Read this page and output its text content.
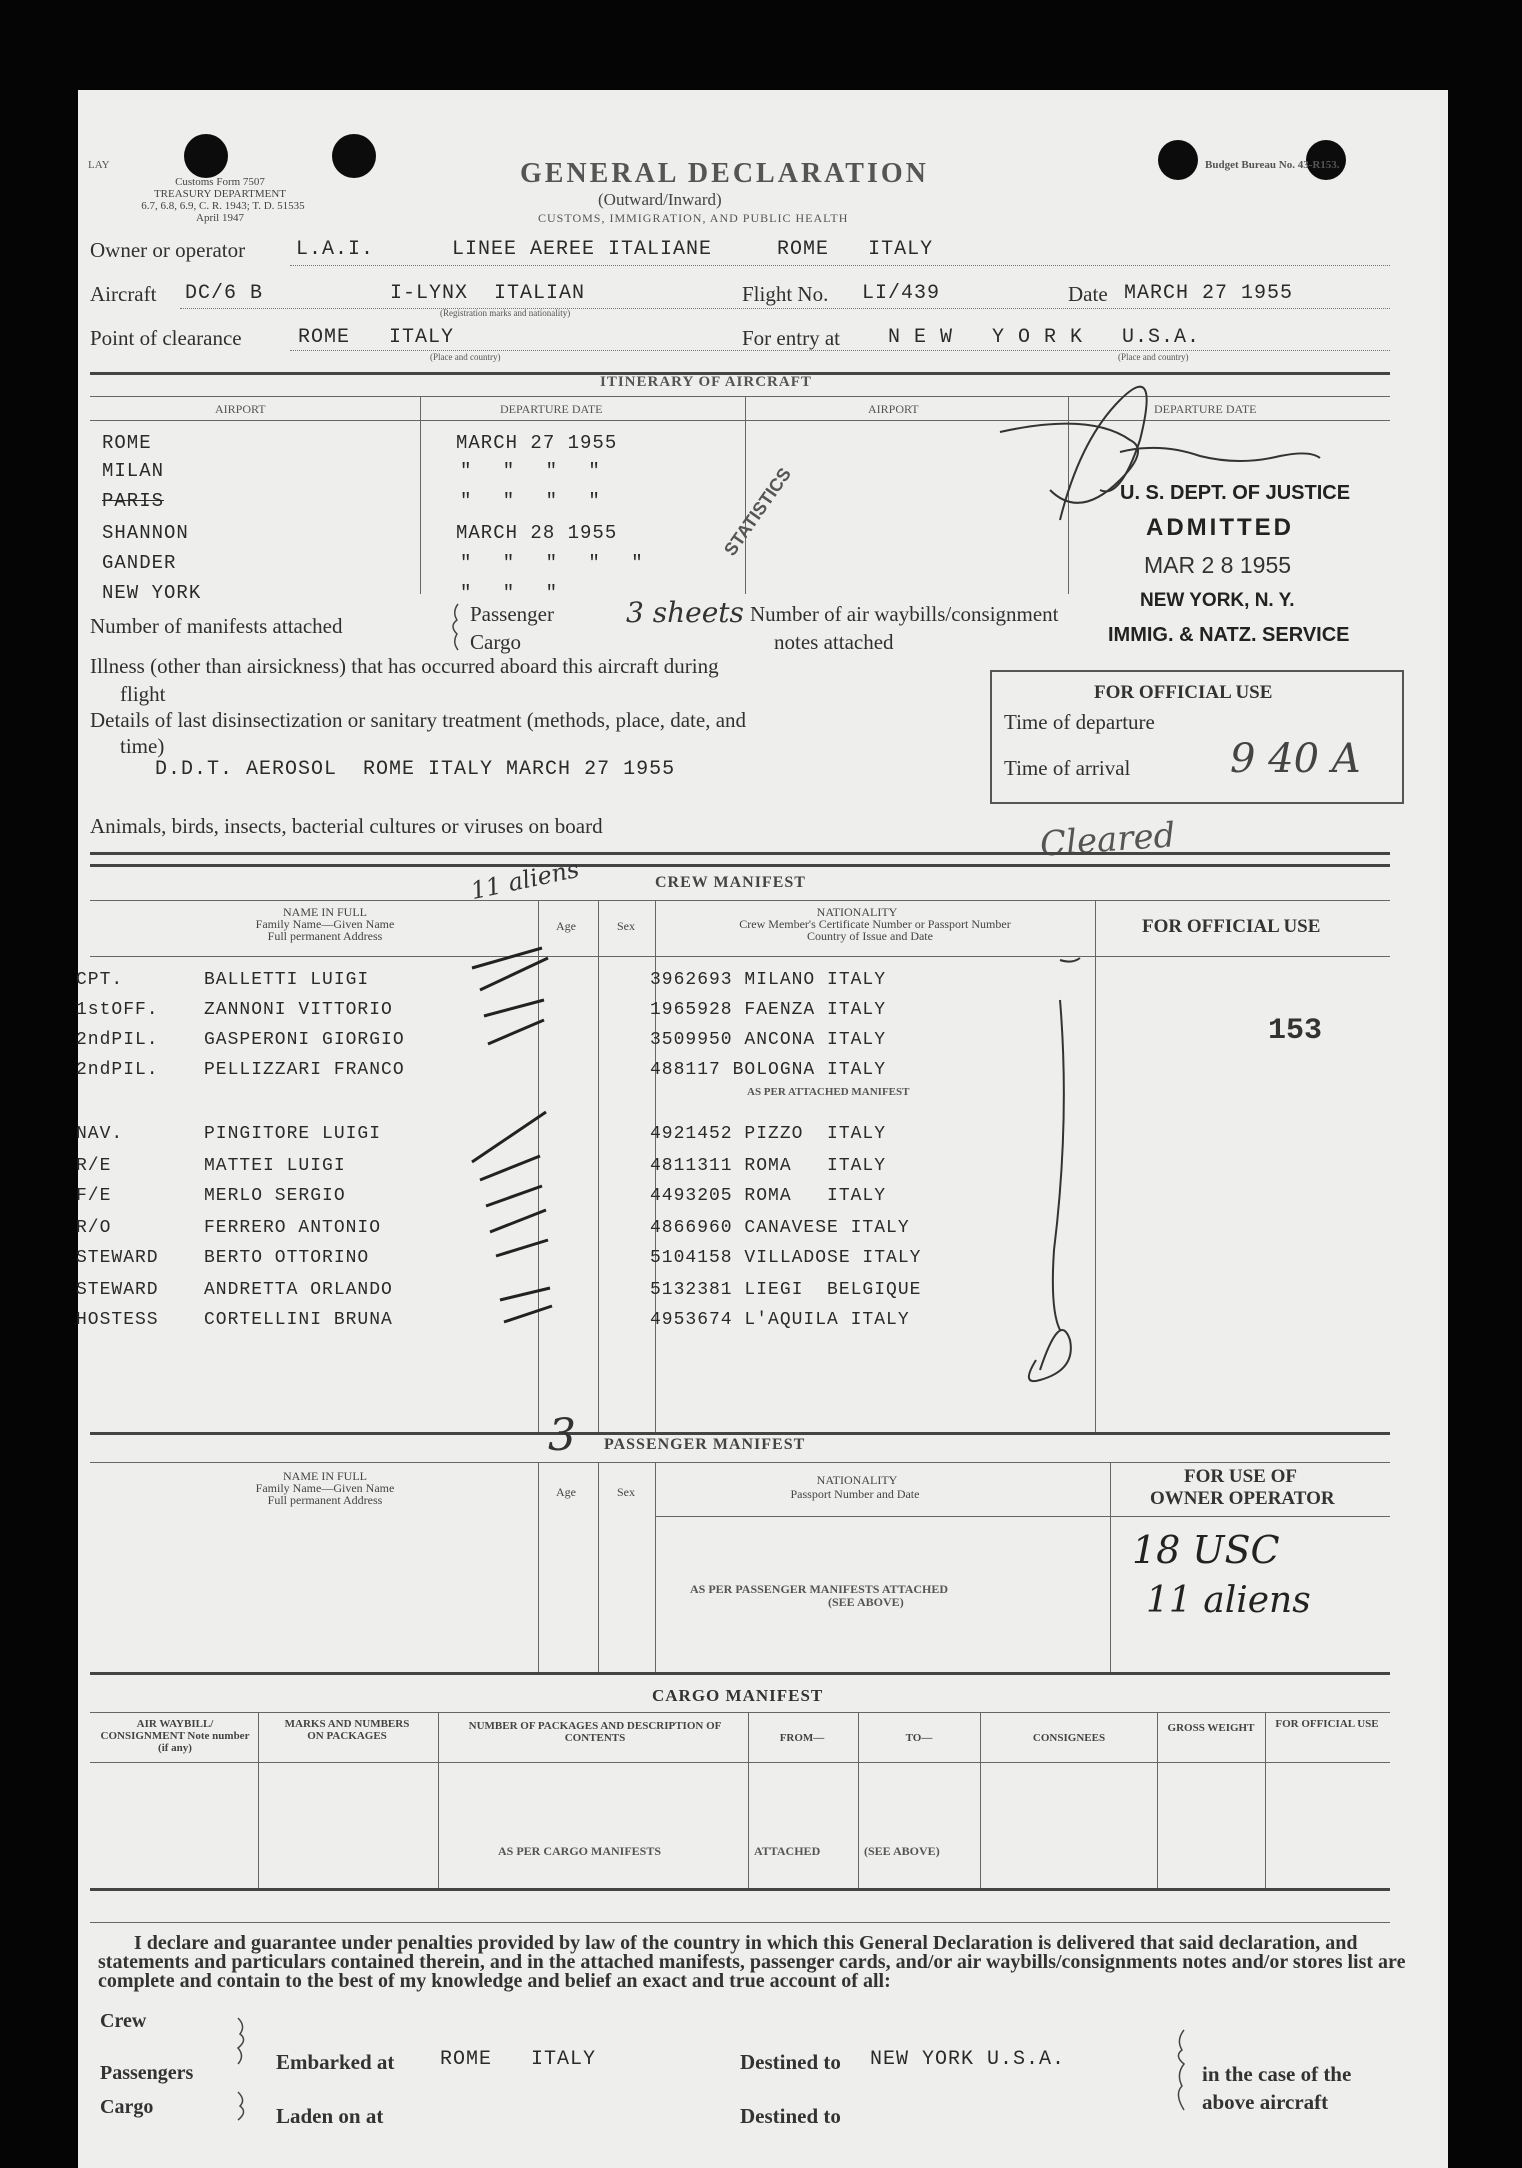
LAY
Customs Form 7507
TREASURY DEPARTMENT
6.7, 6.8, 6.9, C. R. 1943; T. D. 51535
April 1947
Budget Bureau No. 43-R153.
GENERAL DECLARATION
(Outward/Inward)
CUSTOMS, IMMIGRATION, AND PUBLIC HEALTH
Owner or operator	L.A.I.	LINEE AEREE ITALIANE     ROME   ITALY
Aircraft DC/6 B	I-LYNX  ITALIAN
(Registration marks and nationality)
Flight No. LI/439	Date MARCH 27 1955
Point of clearance	ROME   ITALY
(Place and country)
For entry at N E W   Y O R K   U.S.A.
(Place and country)
ITINERARY OF AIRCRAFT
AIRPORT	DEPARTURE DATE	AIRPORT	DEPARTURE DATE
ROME	MARCH 27 1955
MILAN	" " " "
PARIS	" " " "
SHANNON	MARCH 28 1955
GANDER	" " " " "
NEW YORK	" " "
Number of manifests attached	Passenger
Cargo
3 sheets Number of air waybills/consignment
notes attached
Illness (other than airsickness) that has occurred aboard this aircraft during
flight
Details of last disinsectization or sanitary treatment (methods, place, date, and
time)
D.D.T. AEROSOL  ROME ITALY MARCH 27 1955
Animals, birds, insects, bacterial cultures or viruses on board
FOR OFFICIAL USE
Time of departure
Time of arrival 9 40 A
Cleared
U. S. DEPT. OF JUSTICE
ADMITTED
MAR 2 8 1955
NEW YORK, N. Y.
IMMIG. & NATZ. SERVICE
STATISTICS
CREW MANIFEST
11 aliens
NAME IN FULL
Family Name—Given Name
Full permanent Address
Age	Sex
NATIONALITY
Crew Member's Certificate Number or Passport Number
Country of Issue and Date	FOR OFFICIAL USE
153
CPT.	BALLETTI LUIGI	3962693 MILANO ITALY
1stOFF.	ZANNONI VITTORIO	1965928 FAENZA ITALY
2ndPIL.	GASPERONI GIORGIO	3509950 ANCONA ITALY
2ndPIL.	PELLIZZARI FRANCO	488117 BOLOGNA ITALY
NAV.	PINGITORE LUIGI	4921452 PIZZO  ITALY
R/E	MATTEI LUIGI	4811311 ROMA   ITALY
F/E	MERLO SERGIO	4493205 ROMA   ITALY
R/O	FERRERO ANTONIO	4866960 CANAVESE ITALY
STEWARD	BERTO OTTORINO	5104158 VILLADOSE ITALY
STEWARD	ANDRETTA ORLANDO	5132381 LIEGI  BELGIQUE
HOSTESS	CORTELLINI BRUNA	4953674 L'AQUILA ITALY
AS PER ATTACHED MANIFEST
PASSENGER MANIFEST
3
NAME IN FULL
Family Name—Given Name
Full permanent Address
Age	Sex
NATIONALITY
Passport Number and Date
FOR USE OF
OWNER OPERATOR
AS PER PASSENGER MANIFESTS ATTACHED
(SEE ABOVE)
18 USC
11 aliens
CARGO MANIFEST
AIR WAYBILL/ CONSIGNMENT Note number (if any)
MARKS AND NUMBERS ON PACKAGES
NUMBER OF PACKAGES AND DESCRIPTION OF CONTENTS	FROM—	TO—	CONSIGNEES
GROSS WEIGHT	FOR OFFICIAL USE
AS PER CARGO MANIFESTS	ATTACHED	(SEE ABOVE)
I declare and guarantee under penalties provided by law of the country in which this General Declaration is delivered that said declaration, and statements and particulars contained therein, and in the attached manifests, passenger cards, and/or air waybills/consignments notes and/or stores list are complete and contain to the best of my knowledge and belief an exact and true account of all:
Crew
Passengers
Cargo
Embarked at ROME   ITALY	Destined to NEW YORK U.S.A.
Laden on at	Destined to
in the case of the
above aircraft
